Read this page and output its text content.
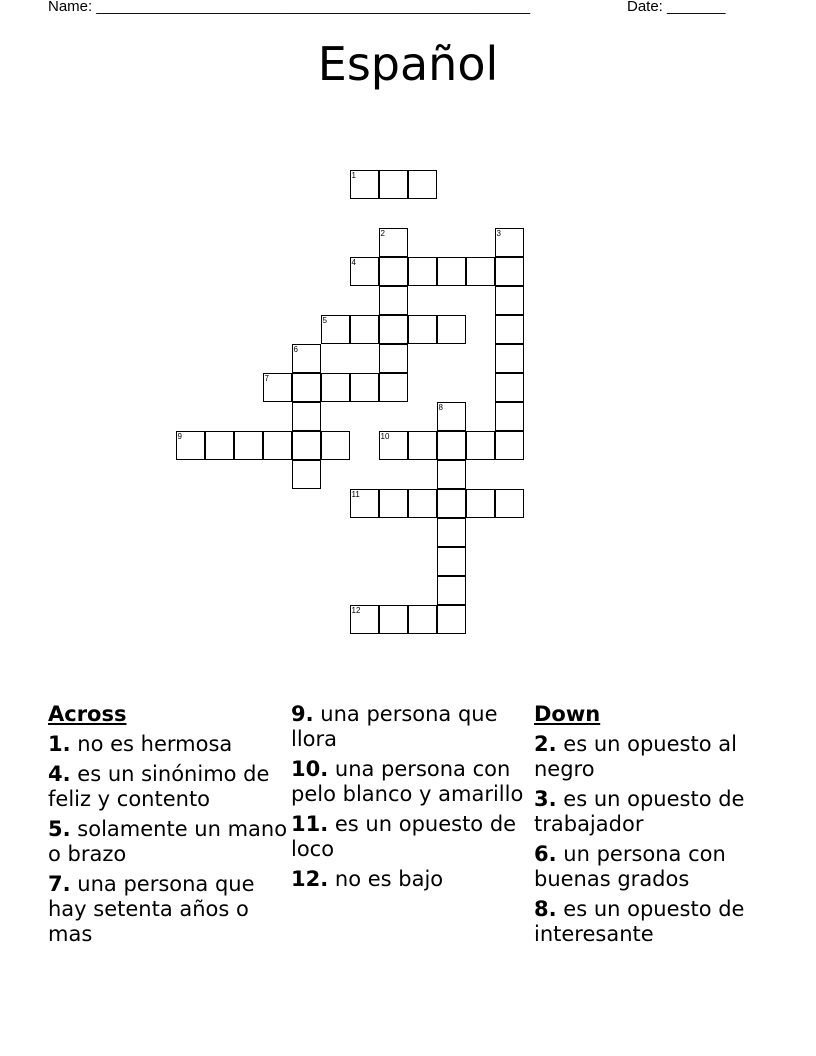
Name: ____________________________________________________	Date: _______
Español
1
2	3
4
5
6
7
8
9	10
11
12
Across
1. no es hermosa
4. es un sinónimo de feliz y contento
5. solamente un mano o brazo
7. una persona que hay setenta años o mas
9. una persona que llora
10. una persona con pelo blanco y amarillo
11. es un opuesto de loco
12. no es bajo
Down
2. es un opuesto al negro
3. es un opuesto de trabajador
6. un persona con buenas grados
8. es un opuesto de interesante
